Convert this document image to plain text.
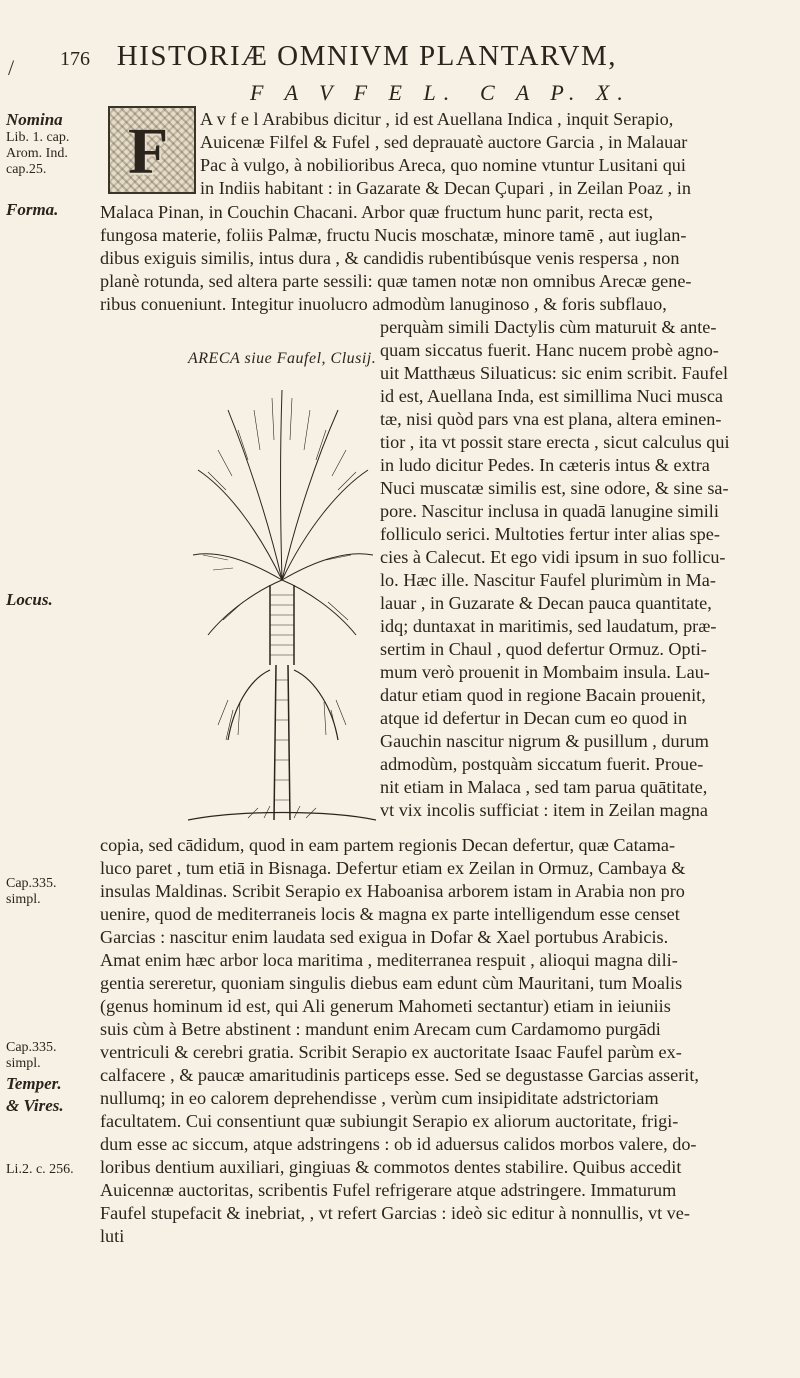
/ 176 HISTORIÆ OMNIVM PLANTARVM,
F A V F E L. C A P. X.
F
Nomina
Lib. 1. cap. Arom. Ind. cap.25.
Forma.
Locus.
Cap.335. simpl.
Cap.335. simpl.
Temper.
& Vires.
Li.2. c. 256.
ARECA siue Faufel, Clusij.
A v f e l Arabibus dicitur , id est Auellana Indica , inquit Serapio,
Auicenæ Filfel & Fufel , sed deprauatè auctore Garcia , in Malauar
Pac à vulgo, à nobilioribus Areca, quo nomine vtuntur Lusitani qui
in Indiis habitant : in Gazarate & Decan Çupari , in Zeilan Poaz , in
Malaca Pinan, in Couchin Chacani. Arbor quæ fructum hunc parit, recta est,
fungosa materie, foliis Palmæ, fructu Nucis moschatæ, minore tamē , aut iuglan-
dibus exiguis similis, intus dura , & candidis rubentibúsque venis respersa , non
planè rotunda, sed altera parte sessili: quæ tamen notæ non omnibus Arecæ gene-
ribus conueniunt. Integitur inuolucro admodùm lanuginoso , & foris subflauo,
perquàm simili Dactylis cùm maturuit & ante-
quam siccatus fuerit. Hanc nucem probè agno-
uit Matthæus Siluaticus: sic enim scribit. Faufel
id est, Auellana Inda, est simillima Nuci musca
tæ, nisi quòd pars vna est plana, altera eminen-
tior , ita vt possit stare erecta , sicut calculus qui
in ludo dicitur Pedes. In cæteris intus & extra
Nuci muscatæ similis est, sine odore, & sine sa-
pore. Nascitur inclusa in quadā lanugine simili
folliculo serici. Multoties fertur inter alias spe-
cies à Calecut. Et ego vidi ipsum in suo follicu-
lo. Hæc ille. Nascitur Faufel plurimùm in Ma-
lauar , in Guzarate & Decan pauca quantitate,
idq; duntaxat in maritimis, sed laudatum, præ-
sertim in Chaul , quod defertur Ormuz. Opti-
mum verò prouenit in Mombaim insula. Lau-
datur etiam quod in regione Bacain prouenit,
atque id defertur in Decan cum eo quod in
Gauchin nascitur nigrum & pusillum , durum
admodùm, postquàm siccatum fuerit. Proue-
nit etiam in Malaca , sed tam parua quātitate,
vt vix incolis sufficiat : item in Zeilan magna
copia, sed cādidum, quod in eam partem regionis Decan defertur, quæ Catama-
luco paret , tum etiā in Bisnaga. Defertur etiam ex Zeilan in Ormuz, Cambaya &
insulas Maldinas. Scribit Serapio ex Haboanisa arborem istam in Arabia non pro
uenire, quod de mediterraneis locis & magna ex parte intelligendum esse censet
Garcias : nascitur enim laudata sed exigua in Dofar & Xael portubus Arabicis.
Amat enim hæc arbor loca maritima , mediterranea respuit , alioqui magna dili-
gentia sereretur, quoniam singulis diebus eam edunt cùm Mauritani, tum Moalis
(genus hominum id est, qui Ali generum Mahometi sectantur) etiam in ieiuniis
suis cùm à Betre abstinent : mandunt enim Arecam cum Cardamomo purgādi
ventriculi & cerebri gratia. Scribit Serapio ex auctoritate Isaac Faufel parùm ex-
calfacere , & paucæ amaritudinis particeps esse. Sed se degustasse Garcias asserit,
nullumq; in eo calorem deprehendisse , verùm cum insipiditate adstrictoriam
facultatem. Cui consentiunt quæ subiungit Serapio ex aliorum auctoritate, frigi-
dum esse ac siccum, atque adstringens : ob id aduersus calidos morbos valere, do-
loribus dentium auxiliari, gingiuas & commotos dentes stabilire. Quibus accedit
Auicennæ auctoritas, scribentis Fufel refrigerare atque adstringere. Immaturum
Faufel stupefacit & inebriat, , vt refert Garcias : ideò sic editur à nonnullis, vt ve-
luti
